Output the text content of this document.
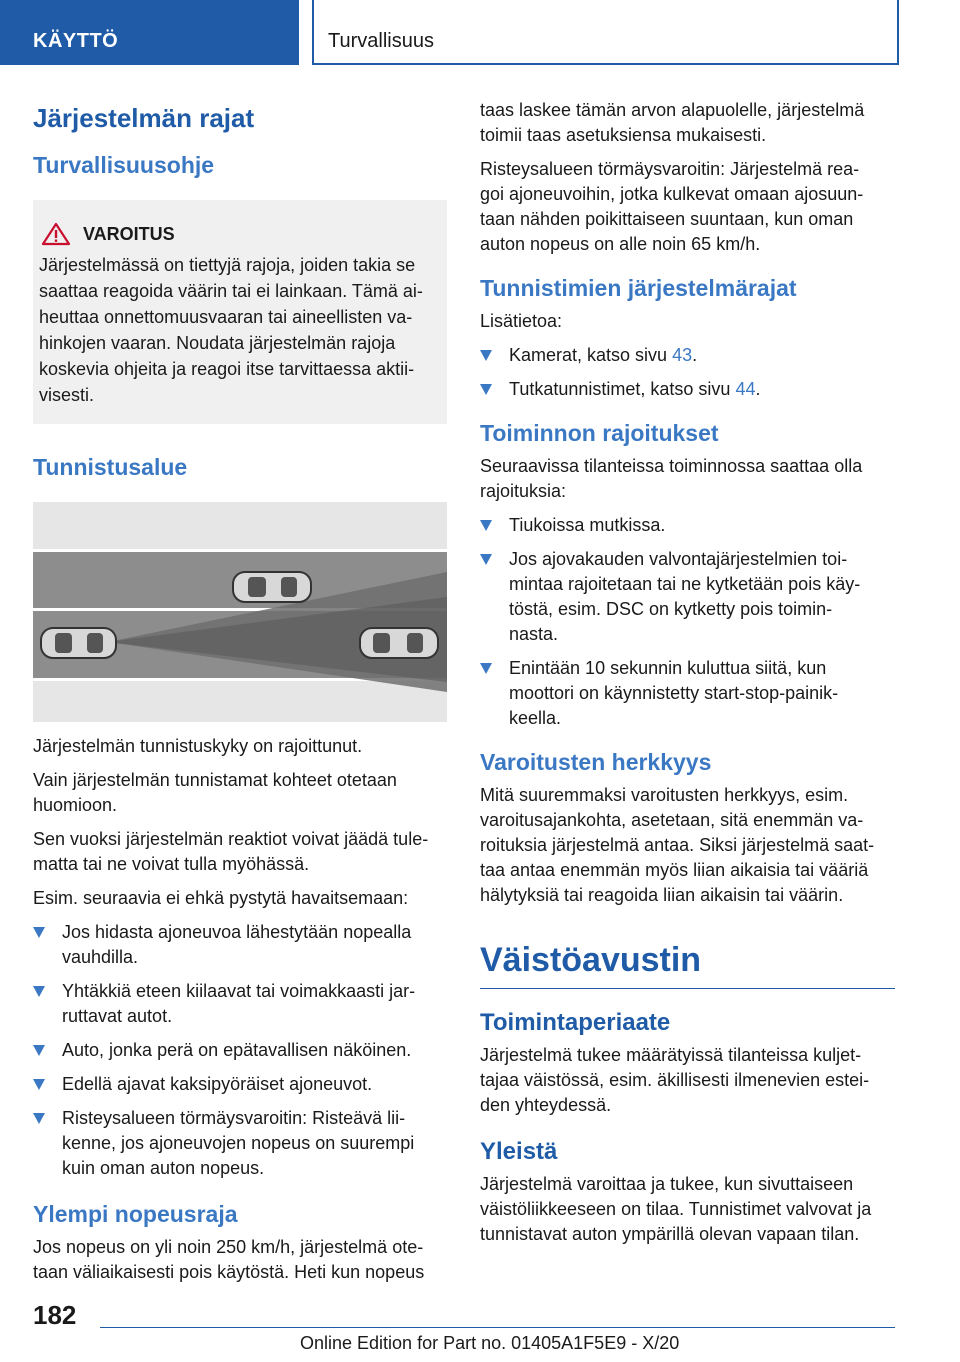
KÄYTTÖ	Turvallisuus
Järjestelmän rajat
Turvallisuusohje
VAROITUS

Järjestelmässä on tiettyjä rajoja, joiden takia se

saattaa reagoida väärin tai ei lainkaan. Tämä ai-

heuttaa onnettomuusvaaran tai aineellisten va-

hinkojen vaaran. Noudata järjestelmän rajoja

koskevia ohjeita ja reagoi itse tarvittaessa aktii-

visesti.

Tunnistusalue

Järjestelmän tunnistuskyky on rajoittunut.

Vain järjestelmän tunnistamat kohteet otetaan

huomioon.

Sen vuoksi järjestelmän reaktiot voivat jäädä tule-

matta tai ne voivat tulla myöhässä.

Esim. seuraavia ei ehkä pystytä havaitsemaan:

Jos hidasta ajoneuvoa lähestytään nopealla
vauhdilla.
Yhtäkkiä eteen kiilaavat tai voimakkaasti jar-
ruttavat autot.
Auto, jonka perä on epätavallisen näköinen.
Edellä ajavat kaksipyöräiset ajoneuvot.
Risteysalueen törmäysvaroitin: Risteävä lii-
kenne, jos ajoneuvojen nopeus on suurempi
kuin oman auton nopeus.
Ylempi nopeusraja

Jos nopeus on yli noin 250 km/h, järjestelmä ote-

taan väliaikaisesti pois käytöstä. Heti kun nopeus

taas laskee tämän arvon alapuolelle, järjestelmä

toimii taas asetuksiensa mukaisesti.

Risteysalueen törmäysvaroitin: Järjestelmä rea-

goi ajoneuvoihin, jotka kulkevat omaan ajosuun-

taan nähden poikittaiseen suuntaan, kun oman

auton nopeus on alle noin 65 km/h.

Tunnistimien järjestelmärajat

Lisätietoa:

Kamerat, katso sivu 43.
Tutkatunnistimet, katso sivu 44.
Toiminnon rajoitukset

Seuraavissa tilanteissa toiminnossa saattaa olla

rajoituksia:

Tiukoissa mutkissa.
Jos ajovakauden valvontajärjestelmien toi-
mintaa rajoitetaan tai ne kytketään pois käy-
töstä, esim. DSC on kytketty pois toimin-
nasta.
Enintään 10 sekunnin kuluttua siitä, kun
moottori on käynnistetty start-stop-painik-
keella.
Varoitusten herkkyys

Mitä suuremmaksi varoitusten herkkyys, esim.

varoitusajankohta, asetetaan, sitä enemmän va-

roituksia järjestelmä antaa. Siksi järjestelmä saat-

taa antaa enemmän myös liian aikaisia tai vääriä

hälytyksiä tai reagoida liian aikaisin tai väärin.

Väistöavustin
Toimintaperiaate

Järjestelmä tukee määrätyissä tilanteissa kuljet-

tajaa väistössä, esim. äkillisesti ilmenevien estei-

den yhteydessä.

Yleistä

Järjestelmä varoittaa ja tukee, kun sivuttaiseen

väistöliikkeeseen on tilaa. Tunnistimet valvovat ja

tunnistavat auton ympärillä olevan vapaan tilan.

182
Online Edition for Part no. 01405A1F5E9 - X/20
